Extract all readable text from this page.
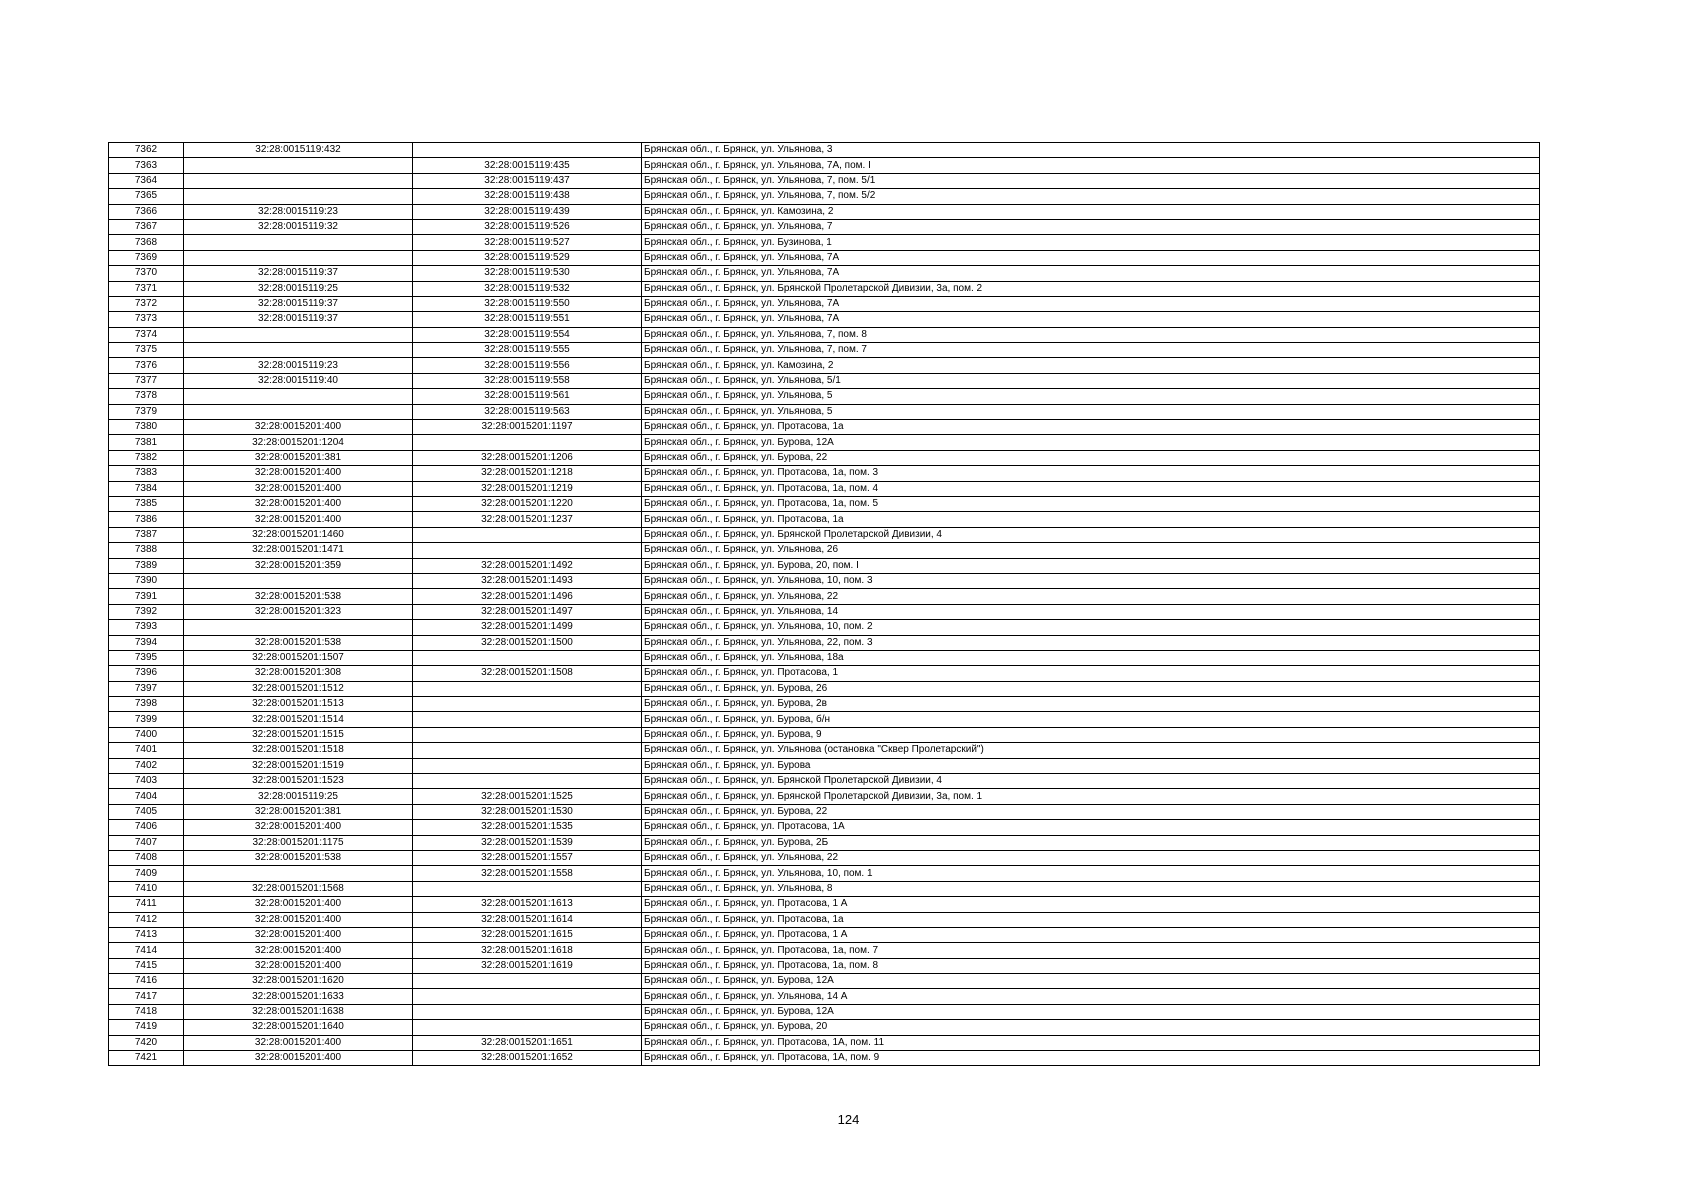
7362	32:28:0015119:432		Брянская обл., г. Брянск, ул. Ульянова, 3
7363		32:28:0015119:435	Брянская обл., г. Брянск, ул. Ульянова, 7А, пом. I
7364		32:28:0015119:437	Брянская обл., г. Брянск, ул. Ульянова, 7, пом. 5/1
7365		32:28:0015119:438	Брянская обл., г. Брянск, ул. Ульянова, 7, пом. 5/2
7366	32:28:0015119:23	32:28:0015119:439	Брянская обл., г. Брянск, ул. Камозина, 2
7367	32:28:0015119:32	32:28:0015119:526	Брянская обл., г. Брянск, ул. Ульянова, 7
7368		32:28:0015119:527	Брянская обл., г. Брянск, ул. Бузинова, 1
7369		32:28:0015119:529	Брянская обл., г. Брянск, ул. Ульянова, 7А
7370	32:28:0015119:37	32:28:0015119:530	Брянская обл., г. Брянск, ул. Ульянова, 7А
7371	32:28:0015119:25	32:28:0015119:532	Брянская обл., г. Брянск, ул. Брянской Пролетарской Дивизии, 3а, пом. 2
7372	32:28:0015119:37	32:28:0015119:550	Брянская обл., г. Брянск, ул. Ульянова, 7А
7373	32:28:0015119:37	32:28:0015119:551	Брянская обл., г. Брянск, ул. Ульянова, 7А
7374		32:28:0015119:554	Брянская обл., г. Брянск, ул. Ульянова, 7, пом. 8
7375		32:28:0015119:555	Брянская обл., г. Брянск, ул. Ульянова, 7, пом. 7
7376	32:28:0015119:23	32:28:0015119:556	Брянская обл., г. Брянск, ул. Камозина, 2
7377	32:28:0015119:40	32:28:0015119:558	Брянская обл., г. Брянск, ул. Ульянова, 5/1
7378		32:28:0015119:561	Брянская обл., г. Брянск, ул. Ульянова, 5
7379		32:28:0015119:563	Брянская обл., г. Брянск, ул. Ульянова, 5
7380	32:28:0015201:400	32:28:0015201:1197	Брянская обл., г. Брянск, ул. Протасова, 1а
7381	32:28:0015201:1204		Брянская обл., г. Брянск, ул. Бурова, 12А
7382	32:28:0015201:381	32:28:0015201:1206	Брянская обл., г. Брянск, ул. Бурова, 22
7383	32:28:0015201:400	32:28:0015201:1218	Брянская обл., г. Брянск, ул. Протасова, 1а, пом. 3
7384	32:28:0015201:400	32:28:0015201:1219	Брянская обл., г. Брянск, ул. Протасова, 1а, пом. 4
7385	32:28:0015201:400	32:28:0015201:1220	Брянская обл., г. Брянск, ул. Протасова, 1а, пом. 5
7386	32:28:0015201:400	32:28:0015201:1237	Брянская обл., г. Брянск, ул. Протасова, 1а
7387	32:28:0015201:1460		Брянская обл., г. Брянск, ул. Брянской Пролетарской Дивизии, 4
7388	32:28:0015201:1471		Брянская обл., г. Брянск, ул. Ульянова, 26
7389	32:28:0015201:359	32:28:0015201:1492	Брянская обл., г. Брянск, ул. Бурова, 20, пом. I
7390		32:28:0015201:1493	Брянская обл., г. Брянск, ул. Ульянова, 10, пом. 3
7391	32:28:0015201:538	32:28:0015201:1496	Брянская обл., г. Брянск, ул. Ульянова, 22
7392	32:28:0015201:323	32:28:0015201:1497	Брянская обл., г. Брянск, ул. Ульянова, 14
7393		32:28:0015201:1499	Брянская обл., г. Брянск, ул. Ульянова, 10, пом. 2
7394	32:28:0015201:538	32:28:0015201:1500	Брянская обл., г. Брянск, ул. Ульянова, 22, пом. 3
7395	32:28:0015201:1507		Брянская обл., г. Брянск, ул. Ульянова, 18а
7396	32:28:0015201:308	32:28:0015201:1508	Брянская обл., г. Брянск, ул. Протасова, 1
7397	32:28:0015201:1512		Брянская обл., г. Брянск, ул. Бурова, 26
7398	32:28:0015201:1513		Брянская обл., г. Брянск, ул. Бурова, 2в
7399	32:28:0015201:1514		Брянская обл., г. Брянск, ул. Бурова, б/н
7400	32:28:0015201:1515		Брянская обл., г. Брянск, ул. Бурова, 9
7401	32:28:0015201:1518		Брянская обл., г. Брянск, ул. Ульянова (остановка "Сквер Пролетарский")
7402	32:28:0015201:1519		Брянская обл., г. Брянск, ул. Бурова
7403	32:28:0015201:1523		Брянская обл., г. Брянск, ул. Брянской Пролетарской Дивизии, 4
7404	32:28:0015119:25	32:28:0015201:1525	Брянская обл., г. Брянск, ул. Брянской Пролетарской Дивизии, 3а, пом. 1
7405	32:28:0015201:381	32:28:0015201:1530	Брянская обл., г. Брянск, ул. Бурова, 22
7406	32:28:0015201:400	32:28:0015201:1535	Брянская обл., г. Брянск, ул. Протасова, 1А
7407	32:28:0015201:1175	32:28:0015201:1539	Брянская обл., г. Брянск, ул. Бурова, 2Б
7408	32:28:0015201:538	32:28:0015201:1557	Брянская обл., г. Брянск, ул. Ульянова, 22
7409		32:28:0015201:1558	Брянская обл., г. Брянск, ул. Ульянова, 10, пом. 1
7410	32:28:0015201:1568		Брянская обл., г. Брянск, ул. Ульянова, 8
7411	32:28:0015201:400	32:28:0015201:1613	Брянская обл., г. Брянск, ул. Протасова, 1 А
7412	32:28:0015201:400	32:28:0015201:1614	Брянская обл., г. Брянск, ул. Протасова, 1а
7413	32:28:0015201:400	32:28:0015201:1615	Брянская обл., г. Брянск, ул. Протасова, 1 А
7414	32:28:0015201:400	32:28:0015201:1618	Брянская обл., г. Брянск, ул. Протасова, 1а, пом. 7
7415	32:28:0015201:400	32:28:0015201:1619	Брянская обл., г. Брянск, ул. Протасова, 1а, пом. 8
7416	32:28:0015201:1620		Брянская обл., г. Брянск, ул. Бурова, 12А
7417	32:28:0015201:1633		Брянская обл., г. Брянск, ул. Ульянова, 14 А
7418	32:28:0015201:1638		Брянская обл., г. Брянск, ул. Бурова, 12А
7419	32:28:0015201:1640		Брянская обл., г. Брянск, ул. Бурова, 20
7420	32:28:0015201:400	32:28:0015201:1651	Брянская обл., г. Брянск, ул. Протасова, 1А, пом. 11
7421	32:28:0015201:400	32:28:0015201:1652	Брянская обл., г. Брянск, ул. Протасова, 1А, пом. 9
124
